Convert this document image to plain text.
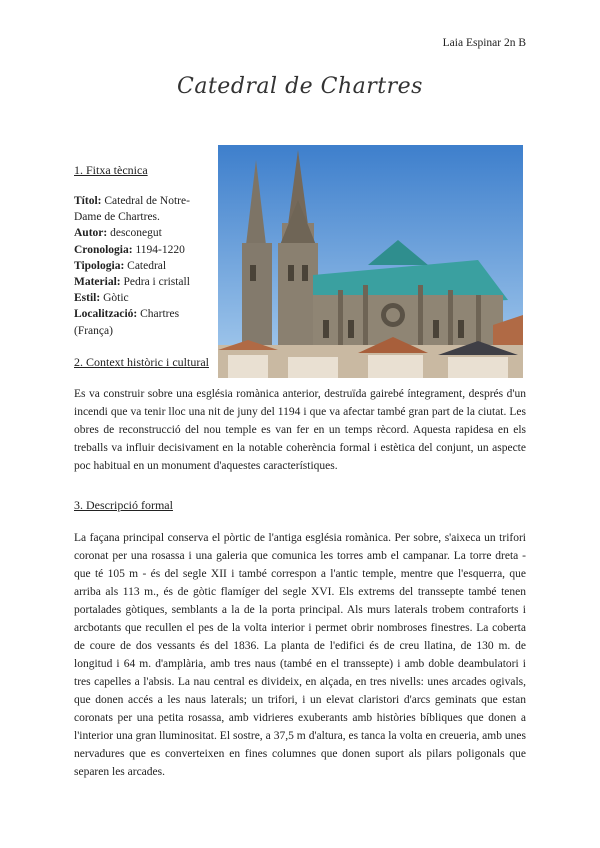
Laia Espinar 2n B
Catedral de Chartres
1. Fitxa tècnica
Títol: Catedral de Notre-Dame de Chartres.
Autor: desconegut
Cronologia: 1194-1220
Tipologia: Catedral
Material: Pedra i cristall
Estil: Gòtic
Localització: Chartres (França)
2. Context històric i cultural
Es va construir sobre una església romànica anterior, destruïda gairebé íntegrament, després d'un incendi que va tenir lloc una nit de juny del 1194 i que va afectar també gran part de la ciutat. Les obres de reconstrucció del nou temple es van fer en un temps rècord. Aquesta rapidesa en els treballs va influir decisivament en la notable coherència formal i estètica del conjunt, un aspecte poc habitual en un monument d'aquestes característiques.
3. Descripció formal
La façana principal conserva el pòrtic de l'antiga església romànica. Per sobre, s'aixeca un trifori coronat per una rosassa i una galeria que comunica les torres amb el campanar. La torre dreta - que té 105 m - és del segle XII i també correspon a l'antic temple, mentre que l'esquerra, que arriba als 113 m., és de gòtic flamíger del segle XVI. Els extrems del transsepte també tenen portalades gòtiques, semblants a la de la porta principal. Als murs laterals trobem contraforts i arcbotants que recullen el pes de la volta interior i permet obrir nombroses finestres. La coberta de coure de dos vessants és del 1836. La planta de l'edifici és de creu llatina, de 130 m. de longitud i 64 m. d'amplària, amb tres naus (també en el transsepte) i amb doble deambulatori i tres capelles a l'absis. La nau central es divideix, en alçada, en tres nivells: unes arcades ogivals, que donen accés a les naus laterals; un trifori, i un elevat claristori d'arcs geminats que estan coronats per una petita rosassa, amb vidrieres exuberants amb històries bíbliques que donen a l'interior una gran lluminositat. El sostre, a 37,5 m d'altura, es tanca la volta en creueria, amb unes nervadures que es converteixen en fines columnes que donen suport als pilars poligonals que separen les arcades.
